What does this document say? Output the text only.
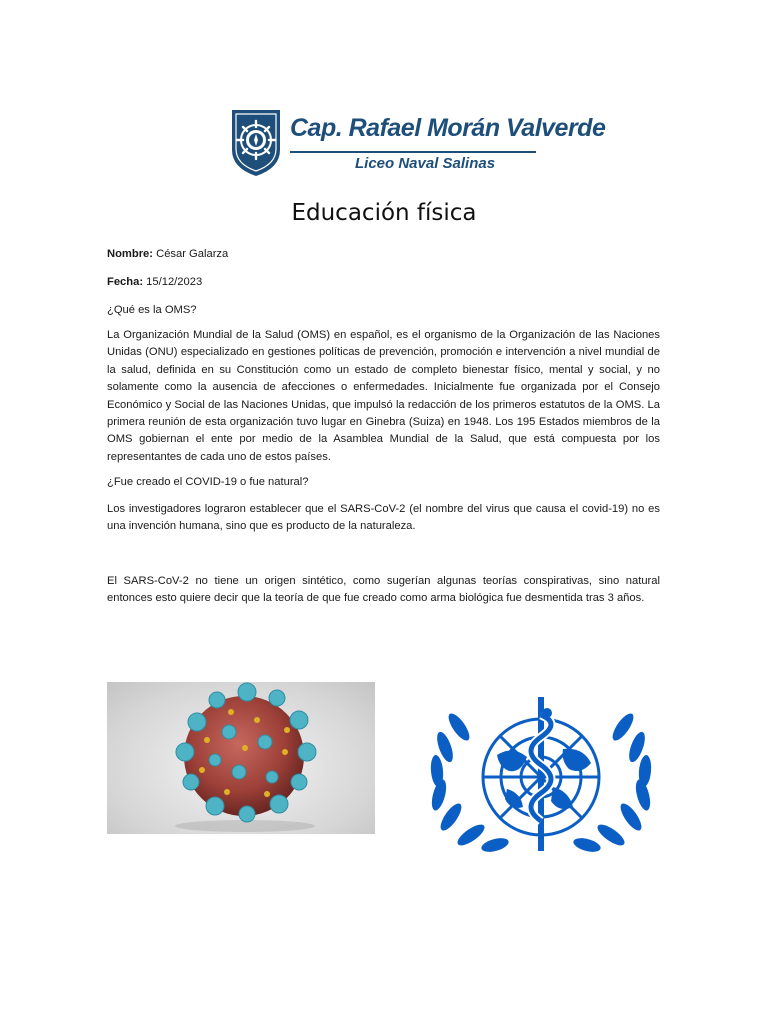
Cap. Rafael Morán Valverde
Liceo Naval Salinas
Educación física
Nombre: César Galarza
Fecha: 15/12/2023
¿Qué es la OMS?
La Organización Mundial de la Salud (OMS) en español, es el organismo de la Organización de las Naciones Unidas (ONU) especializado en gestiones políticas de prevención, promoción e intervención a nivel mundial de la salud, definida en su Constitución como un estado de completo bienestar físico, mental y social, y no solamente como la ausencia de afecciones o enfermedades. Inicialmente fue organizada por el Consejo Económico y Social de las Naciones Unidas, que impulsó la redacción de los primeros estatutos de la OMS. La primera reunión de esta organización tuvo lugar en Ginebra (Suiza) en 1948. Los 195 Estados miembros de la OMS gobiernan el ente por medio de la Asamblea Mundial de la Salud, que está compuesta por los representantes de cada uno de estos países.
¿Fue creado el COVID-19 o fue natural?
Los investigadores lograron establecer que el SARS-CoV-2 (el nombre del virus que causa el covid-19) no es una invención humana, sino que es producto de la naturaleza.
El SARS-CoV-2 no tiene un origen sintético, como sugerían algunas teorías conspirativas, sino natural entonces esto quiere decir que la teoría de que fue creado como arma biológica fue desmentida tras 3 años.
